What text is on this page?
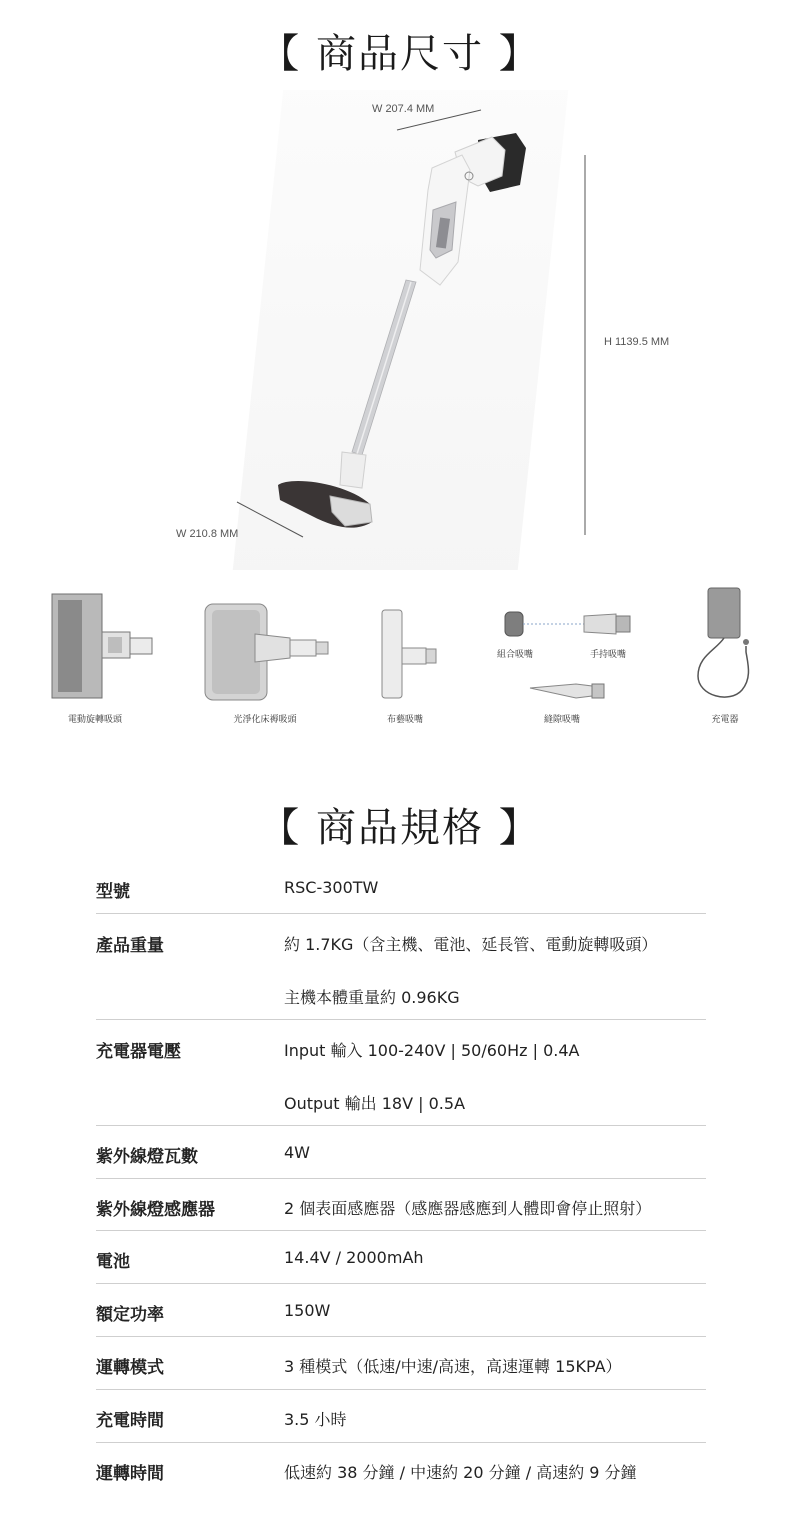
【 商品尺寸 】
W 207.4 MM
H 1139.5 MM
W 210.8 MM
電動旋轉吸頭	光淨化床褥吸頭	布藝吸嘴
組合吸嘴	手持吸嘴
縫隙吸嘴	充電器
【 商品規格 】
型號	RSC-300TW
產品重量	約 1.7KG（含主機、電池、延長管、電動旋轉吸頭）
主機本體重量約 0.96KG
充電器電壓	Input 輸入 100-240V | 50/60Hz | 0.4A
Output 輸出 18V | 0.5A
紫外線燈瓦數	4W
紫外線燈感應器	2 個表面感應器（感應器感應到人體即會停止照射）
電池	14.4V / 2000mAh
額定功率	150W
運轉模式	3 種模式（低速/中速/高速，高速運轉 15KPA）
充電時間	3.5 小時
運轉時間	低速約 38 分鐘 / 中速約 20 分鐘 / 高速約 9 分鐘
